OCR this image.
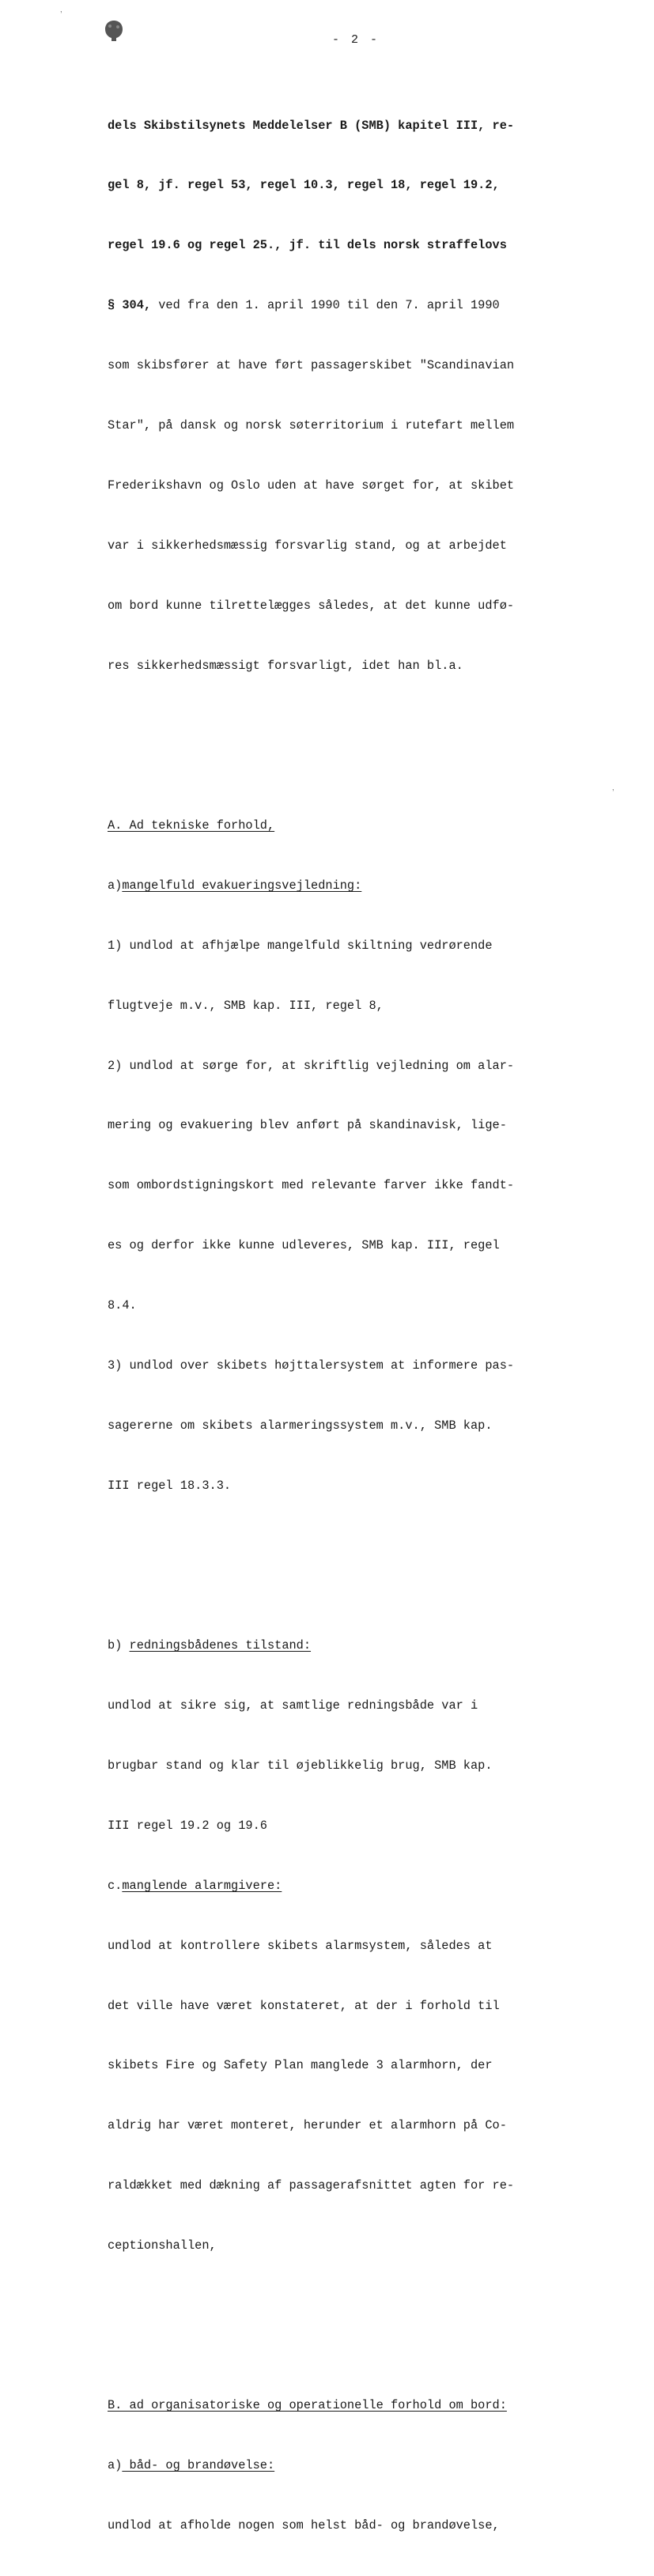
ʼ
ʼ
- 2 -

dels Skibstilsynets Meddelelser B (SMB) kapitel III, re-

gel 8, jf. regel 53, regel 10.3, regel 18, regel 19.2,

regel 19.6 og regel 25., jf. til dels norsk straffelovs

§ 304, ved fra den 1. april 1990 til den 7. april 1990

som skibsfører at have ført passagerskibet "Scandinavian

Star", på dansk og norsk søterritorium i rutefart mellem

Frederikshavn og Oslo uden at have sørget for, at skibet

var i sikkerhedsmæssig forsvarlig stand, og at arbejdet

om bord kunne tilrettelægges således, at det kunne udfø-

res sikkerhedsmæssigt forsvarligt, idet han bl.a.

A. Ad tekniske forhold,

a)mangelfuld evakueringsvejledning:

1) undlod at afhjælpe mangelfuld skiltning vedrørende

flugtveje m.v., SMB kap. III, regel 8,

2) undlod at sørge for, at skriftlig vejledning om alar-

mering og evakuering blev anført på skandinavisk, lige-

som ombordstigningskort med relevante farver ikke fandt-

es og derfor ikke kunne udleveres, SMB kap. III, regel

8.4.

3) undlod over skibets højttalersystem at informere pas-

sagererne om skibets alarmeringssystem m.v., SMB kap.

III regel 18.3.3.

b) redningsbådenes tilstand:

undlod at sikre sig, at samtlige redningsbåde var i

brugbar stand og klar til øjeblikkelig brug, SMB kap.

III regel 19.2 og 19.6

c.manglende alarmgivere:

undlod at kontrollere skibets alarmsystem, således at

det ville have været konstateret, at der i forhold til

skibets Fire og Safety Plan manglede 3 alarmhorn, der

aldrig har været monteret, herunder et alarmhorn på Co-

raldækket med dækning af passagerafsnittet agten for re-

ceptionshallen,

B. ad organisatoriske og operationelle forhold om bord:

a) båd- og brandøvelse:

undlod at afholde nogen som helst båd- og brandøvelse,
